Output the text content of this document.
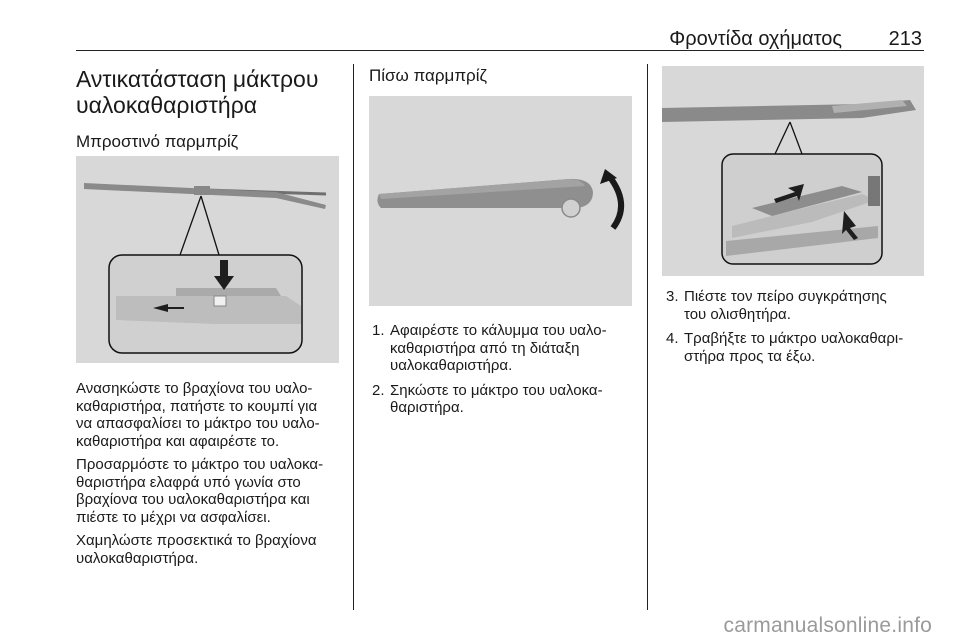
Φροντίδα οχήματος 213
Αντικατάσταση μάκτρου
υαλοκαθαριστήρα
Μπροστινό παρμπρίζ

Ανασηκώστε το βραχίονα του υαλο-
καθαριστήρα, πατήστε το κουμπί για
να απασφαλίσει το μάκτρο του υαλο-
καθαριστήρα και αφαιρέστε το.

Προσαρμόστε το μάκτρο του υαλοκα-
θαριστήρα ελαφρά υπό γωνία στο
βραχίονα του υαλοκαθαριστήρα και
πιέστε το μέχρι να ασφαλίσει.

Χαμηλώστε προσεκτικά το βραχίονα
υαλοκαθαριστήρα.

Πίσω παρμπρίζ
1. Αφαιρέστε το κάλυμμα του υαλο-
καθαριστήρα από τη διάταξη
υαλοκαθαριστήρα.
2. Σηκώστε το μάκτρο του υαλοκα-
θαριστήρα.
3. Πιέστε τον πείρο συγκράτησης
του ολισθητήρα.
4. Τραβήξτε το μάκτρο υαλοκαθαρι-
στήρα προς τα έξω.
carmanualsonline.info
